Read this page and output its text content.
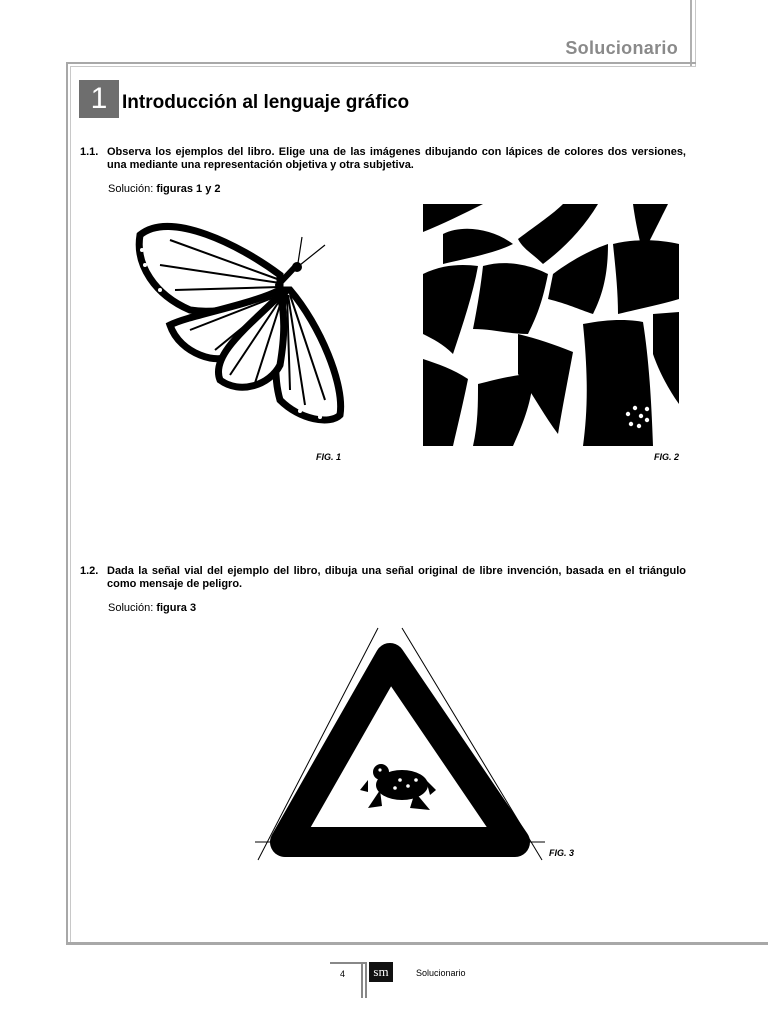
Solucionario
1 Introducción al lenguaje gráfico
1.1. Observa los ejemplos del libro. Elige una de las imágenes dibujando con lápices de colores dos versiones, una mediante una representación objetiva y otra subjetiva.
Solución: figuras 1 y 2
FIG. 1	FIG. 2
1.2. Dada la señal vial del ejemplo del libro, dibuja una señal original de libre invención, basada en el triángulo como mensaje de peligro.
Solución: figura 3
FIG. 3
4	sm	Solucionario
